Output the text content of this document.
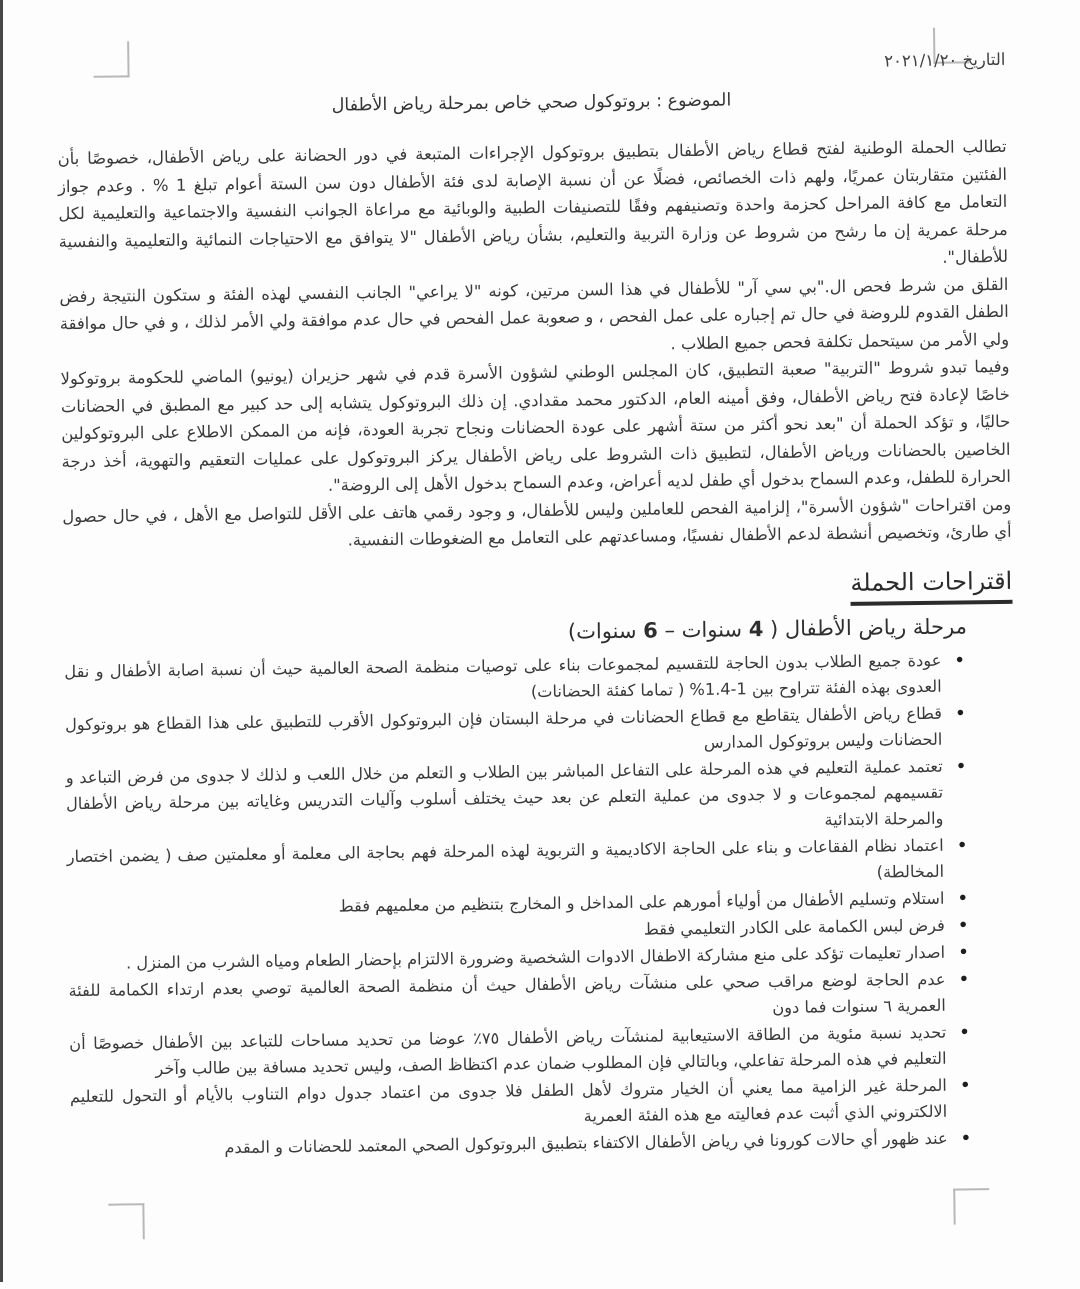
التاريخ ٢٠٢١/١/٢٠
الموضوع : بروتوكول صحي خاص بمرحلة رياض الأطفال

تطالب الحملة الوطنية لفتح قطاع رياض الأطفال بتطبيق بروتوكول الإجراءات المتبعة في دور الحضانة على رياض الأطفال، خصوصًا بأن الفئتين متقاربتان عمريًا، ولهم ذات الخصائص، فضلًا عن أن نسبة الإصابة لدى فئة الأطفال دون سن الستة أعوام تبلغ 1 % . وعدم جواز التعامل مع كافة المراحل كحزمة واحدة وتصنيفهم وفقًا للتصنيفات الطبية والوبائية مع مراعاة الجوانب النفسية والاجتماعية والتعليمية لكل مرحلة عمرية إن ما رشح من شروط عن وزارة التربية والتعليم، بشأن رياض الأطفال "لا يتوافق مع الاحتياجات النمائية والتعليمية والنفسية للأطفال".

القلق من شرط فحص ال."بي سي آر" للأطفال في هذا السن مرتين، كونه "لا يراعي" الجانب النفسي لهذه الفئة و ستكون النتيجة رفض الطفل القدوم للروضة في حال تم إجباره على عمل الفحص ، و صعوبة عمل الفحص في حال عدم موافقة ولي الأمر لذلك ، و في حال موافقة ولي الأمر من سيتحمل تكلفة فحص جميع الطلاب .

وفيما تبدو شروط "التربية" صعبة التطبيق، كان المجلس الوطني لشؤون الأسرة قدم في شهر حزيران (يونيو) الماضي للحكومة بروتوكولا خاصًا لإعادة فتح رياض الأطفال، وفق أمينه العام، الدكتور محمد مقدادي. إن ذلك البروتوكول يتشابه إلى حد كبير مع المطبق في الحضانات حاليًا، و تؤكد الحملة أن "بعد نحو أكثر من ستة أشهر على عودة الحضانات ونجاح تجربة العودة، فإنه من الممكن الاطلاع على البروتوكولين الخاصين بالحضانات ورياض الأطفال، لتطبيق ذات الشروط على رياض الأطفال يركز البروتوكول على عمليات التعقيم والتهوية، أخذ درجة الحرارة للطفل، وعدم السماح بدخول أي طفل لديه أعراض، وعدم السماح بدخول الأهل إلى الروضة".

ومن اقتراحات "شؤون الأسرة"، إلزامية الفحص للعاملين وليس للأطفال، و وجود رقمي هاتف على الأقل للتواصل مع الأهل ، في حال حصول أي طارئ، وتخصيص أنشطة لدعم الأطفال نفسيًا، ومساعدتهم على التعامل مع الضغوطات النفسية.

اقتراحات الحملة
مرحلة رياض الأطفال ( 4 سنوات – 6 سنوات)
• عودة جميع الطلاب بدون الحاجة للتقسيم لمجموعات بناء على توصيات منظمة الصحة العالمية حيث أن نسبة اصابة الأطفال و نقل العدوى بهذه الفئة تتراوح بين 1-1.4% ( تماما كفئة الحضانات)
• قطاع رياض الأطفال يتقاطع مع قطاع الحضانات في مرحلة البستان فإن البروتوكول الأقرب للتطبيق على هذا القطاع هو بروتوكول الحضانات وليس بروتوكول المدارس
• تعتمد عملية التعليم في هذه المرحلة على التفاعل المباشر بين الطلاب و التعلم من خلال اللعب و لذلك لا جدوى من فرض التباعد و تقسيمهم لمجموعات و لا جدوى من عملية التعلم عن بعد حيث يختلف أسلوب وآليات التدريس وغاياته بين مرحلة رياض الأطفال والمرحلة الابتدائية
• اعتماد نظام الفقاعات و بناء على الحاجة الاكاديمية و التربوية لهذه المرحلة فهم بحاجة الى معلمة أو معلمتين صف ( يضمن اختصار المخالطة)
• استلام وتسليم الأطفال من أولياء أمورهم على المداخل و المخارج بتنظيم من معلميهم فقط
• فرض لبس الكمامة على الكادر التعليمي فقط
• اصدار تعليمات تؤكد على منع مشاركة الاطفال الادوات الشخصية وضرورة الالتزام بإحضار الطعام ومياه الشرب من المنزل .
• عدم الحاجة لوضع مراقب صحي على منشآت رياض الأطفال حيث أن منظمة الصحة العالمية توصي بعدم ارتداء الكمامة للفئة العمرية ٦ سنوات فما دون
• تحديد نسبة مئوية من الطاقة الاستيعابية لمنشآت رياض الأطفال ٧٥٪ عوضا من تحديد مساحات للتباعد بين الأطفال خصوصًا أن التعليم في هذه المرحلة تفاعلي، وبالتالي فإن المطلوب ضمان عدم اكتظاظ الصف، وليس تحديد مسافة بين طالب وآخر
• المرحلة غير الزامية مما يعني أن الخيار متروك لأهل الطفل فلا جدوى من اعتماد جدول دوام التناوب بالأيام أو التحول للتعليم الالكتروني الذي أثبت عدم فعاليته مع هذه الفئة العمرية
• عند ظهور أي حالات كورونا في رياض الأطفال الاكتفاء بتطبيق البروتوكول الصحي المعتمد للحضانات و المقدم
